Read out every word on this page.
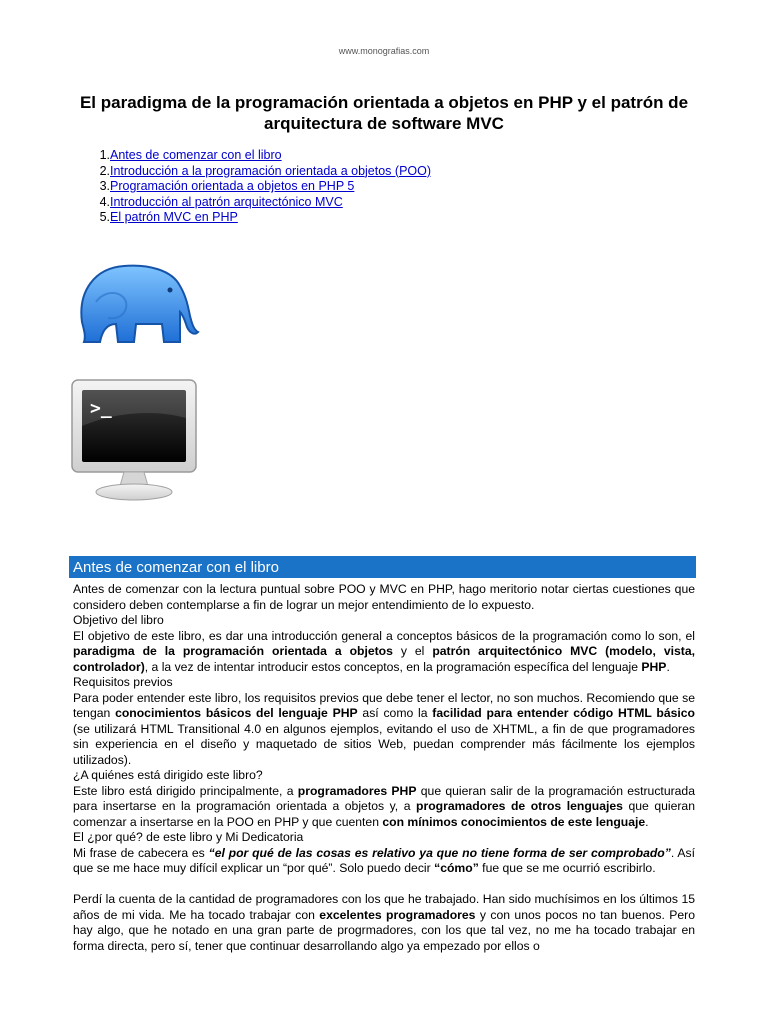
www.monografias.com
El paradigma de la programación orientada a objetos en PHP y el patrón de arquitectura de software MVC
1. Antes de comenzar con el libro
2. Introducción a la programación orientada a objetos (POO)
3. Programación orientada a objetos en PHP 5
4. Introducción al patrón arquitectónico MVC
5. El patrón MVC en PHP
>_
Antes de comenzar con el libro

Antes de comenzar con la lectura puntual sobre POO y MVC en PHP, hago meritorio notar ciertas cuestiones que considero deben contemplarse a fin de lograr un mejor entendimiento de lo expuesto.

Objetivo del libro

El objetivo de este libro, es dar una introducción general a conceptos básicos de la programación como lo son, el paradigma de la programación orientada a objetos y el patrón arquitectónico MVC (modelo, vista, controlador), a la vez de intentar introducir estos conceptos, en la programación específica del lenguaje PHP.

Requisitos previos

Para poder entender este libro, los requisitos previos que debe tener el lector, no son muchos. Recomiendo que se tengan conocimientos básicos del lenguaje PHP así como la facilidad para entender código HTML básico (se utilizará HTML Transitional 4.0 en algunos ejemplos, evitando el uso de XHTML, a fin de que programadores sin experiencia en el diseño y maquetado de sitios Web, puedan comprender más fácilmente los ejemplos utilizados).

¿A quiénes está dirigido este libro?

Este libro está dirigido principalmente, a programadores PHP que quieran salir de la programación estructurada para insertarse en la programación orientada a objetos y, a programadores de otros lenguajes que quieran comenzar a insertarse en la POO en PHP y que cuenten con mínimos conocimientos de este lenguaje.

El ¿por qué? de este libro y Mi Dedicatoria

Mi frase de cabecera es “el por qué de las cosas es relativo ya que no tiene forma de ser comprobado”. Así que se me hace muy difícil explicar un “por qué”. Solo puedo decir “cómo” fue que se me ocurrió escribirlo.

Perdí la cuenta de la cantidad de programadores con los que he trabajado. Han sido muchísimos en los últimos 15 años de mi vida. Me ha tocado trabajar con excelentes programadores y con unos pocos no tan buenos. Pero hay algo, que he notado en una gran parte de progrmadores, con los que tal vez, no me ha tocado trabajar en forma directa, pero sí, tener que continuar desarrollando algo ya empezado por ellos o
